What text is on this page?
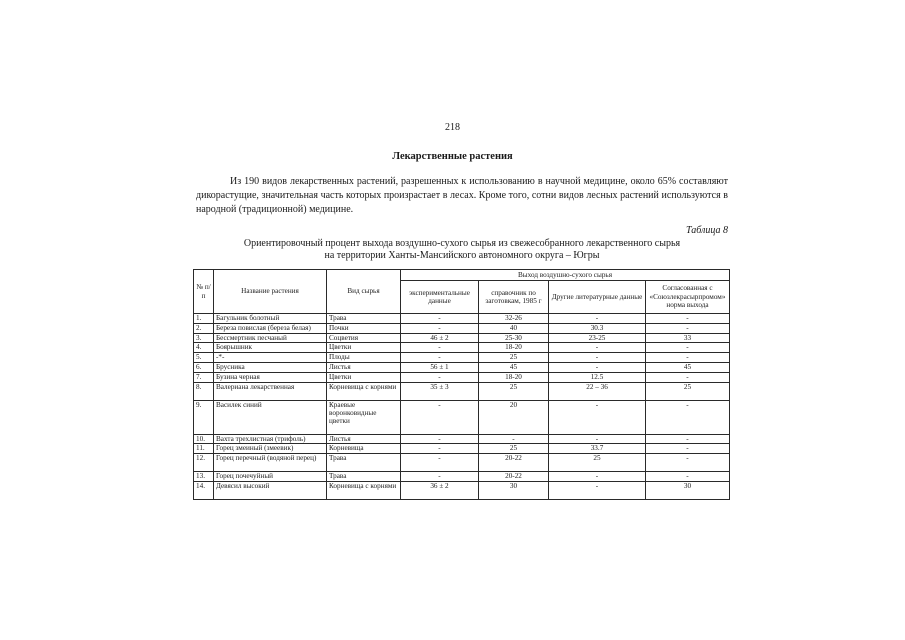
218
Лекарственные растения

Из 190 видов лекарственных растений, разрешенных к использованию в научной медицине, около 65% составляют дикорастущие, значительная часть которых произрастает в лесах. Кроме того, сотни видов лесных растений используются в народной (традиционной) медицине.

Таблица 8
Ориентировочный процент выхода воздушно-сухого сырья из свежесобранного лекарственного сырья
на территории Ханты-Мансийского автономного округа – Югры
№ п/п	Название растения	Вид сырья	Выход воздушно-сухого сырья			
			экспериментальные данные	справочник по заготовкам, 1985 г	Другие литературные данные	Согласованная с «Союзлекрасырпромом» норма выхода
1.	Багульник болотный	Трава	-	32-26	-	-
2.	Береза повислая (береза белая)	Почки	-	40	30.3	-
3.	Бессмертник песчаный	Соцветия	46 ± 2	25-30	23-25	33
4.	Боярышник	Цветки	-	18-20	-	-
5.	-*-	Плоды	-	25	-	-
6.	Брусника	Листья	56 ± 1	45	-	45
7.	Бузина черная	Цветки	-	18-20	12.5	-
8.	Валериана лекарственная	Корневища с корнями	35 ± 3	25	22 – 36	25
9.	Василек синий	Краевые воронковидные цветки	-	20	-	-
10.	Вахта трехлистная (трифоль)	Листья	-	-	-	-
11.	Горец змеиный (змеевик)	Корневища	-	25	33.7	-
12.	Горец перечный (водяной перец)	Трава	-	20-22	25	-
13.	Горец почечуйный	Трава	-	20-22	-	-
14.	Девясил высокий	Корневища с корнями	36 ± 2	30	-	30
